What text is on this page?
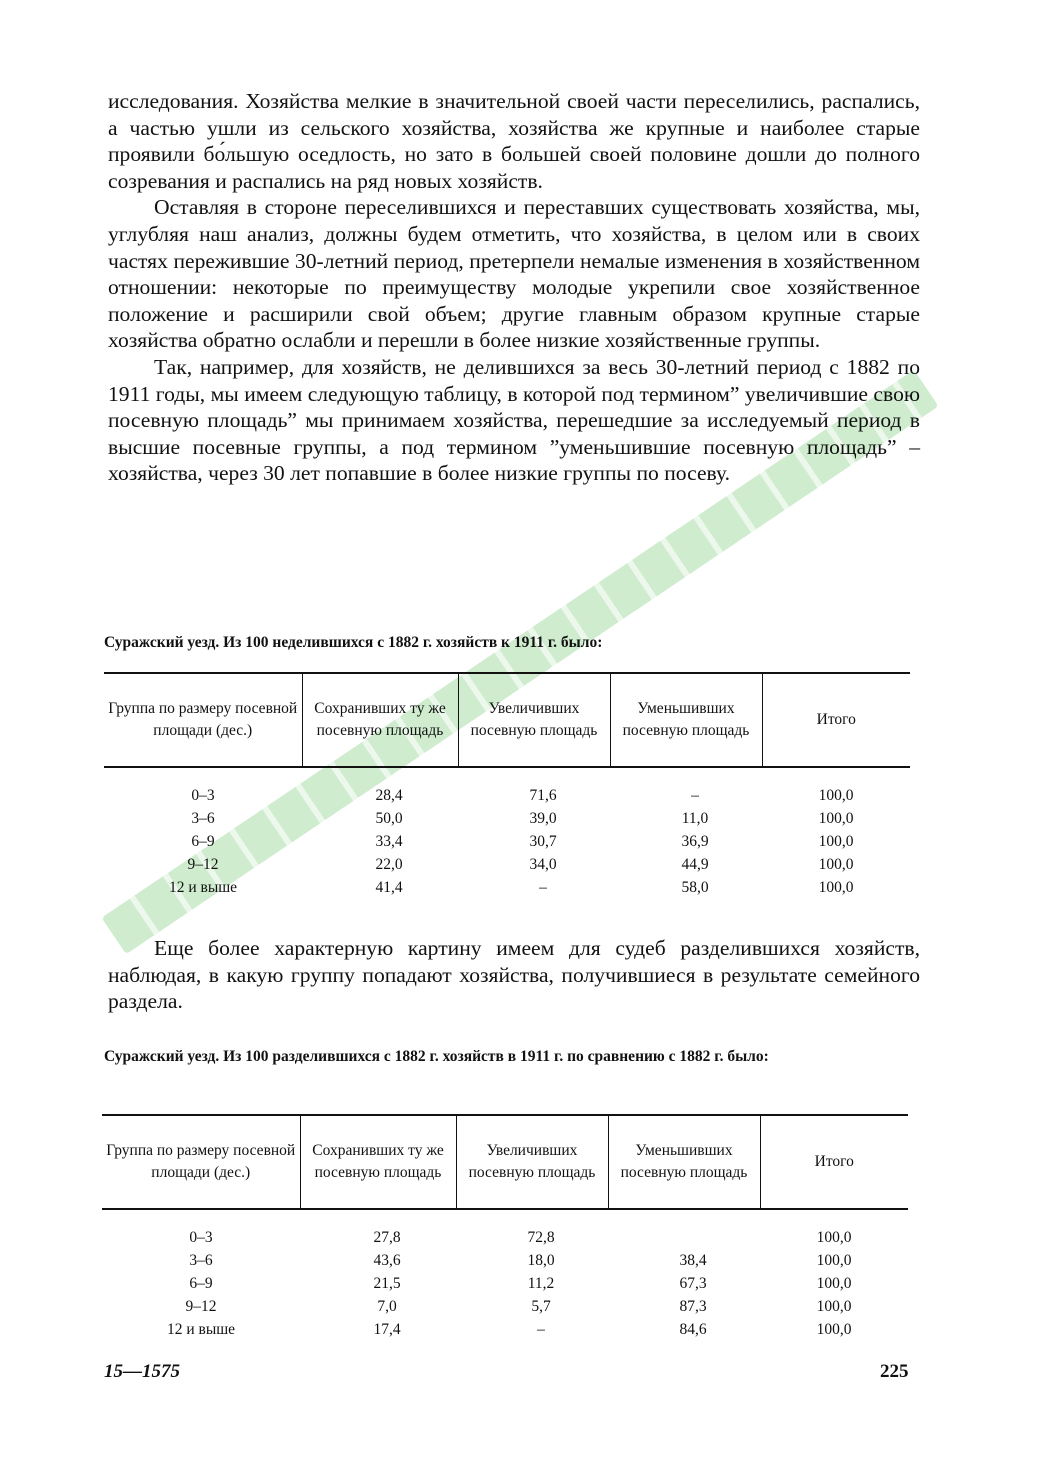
исследования. Хозяйства мелкие в значительной своей части переселились, распались, а частью ушли из сельского хозяйства, хозяйства же крупные и наиболее старые проявили бо́льшую оседлость, но зато в большей своей половине дошли до полного созревания и распались на ряд новых хозяйств.

Оставляя в стороне переселившихся и переставших существовать хозяйства, мы, углубляя наш анализ, должны будем отметить, что хозяйства, в целом или в своих частях пережившие 30-летний период, претерпели немалые изменения в хозяйственном отношении: некоторые по преимуществу молодые укрепили свое хозяйственное положение и расширили свой объем; другие главным образом крупные старые хозяйства обратно ослабли и перешли в более низкие хозяйственные группы.

Так, например, для хозяйств, не делившихся за весь 30-летний период с 1882 по 1911 годы, мы имеем следующую таблицу, в которой под термином” увеличившие свою посевную площадь” мы принимаем хозяйства, перешедшие за исследуемый период в высшие посевные группы, а под термином ”уменьшившие посевную площадь” – хозяйства, через 30 лет попавшие в более низкие группы по посеву.

Суражский уезд. Из 100 неделившихся с 1882 г. хозяйств к 1911 г. было:
Группа по размеру посевной площади (дес.)	Сохранивших ту же посевную площадь	Увеличивших посевную площадь	Уменьшивших посевную площадь	Итого

0–3	28,4	71,6	–	100,0
3–6	50,0	39,0	11,0	100,0
6–9	33,4	30,7	36,9	100,0
9–12	22,0	34,0	44,9	100,0
12 и выше	41,4	–	58,0	100,0

Еще более характерную картину имеем для судеб разделившихся хозяйств, наблюдая, в какую группу попадают хозяйства, получившиеся в результате семейного раздела.

Суражский уезд. Из 100 разделившихся с 1882 г. хозяйств в 1911 г. по сравнению с 1882 г. было:
Группа по размеру посевной площади (дес.)	Сохранивших ту же посевную площадь	Увеличивших посевную площадь	Уменьшивших посевную площадь	Итого

0–3	27,8	72,8		100,0
3–6	43,6	18,0	38,4	100,0
6–9	21,5	11,2	67,3	100,0
9–12	7,0	5,7	87,3	100,0
12 и выше	17,4	–	84,6	100,0
15—1575	225
